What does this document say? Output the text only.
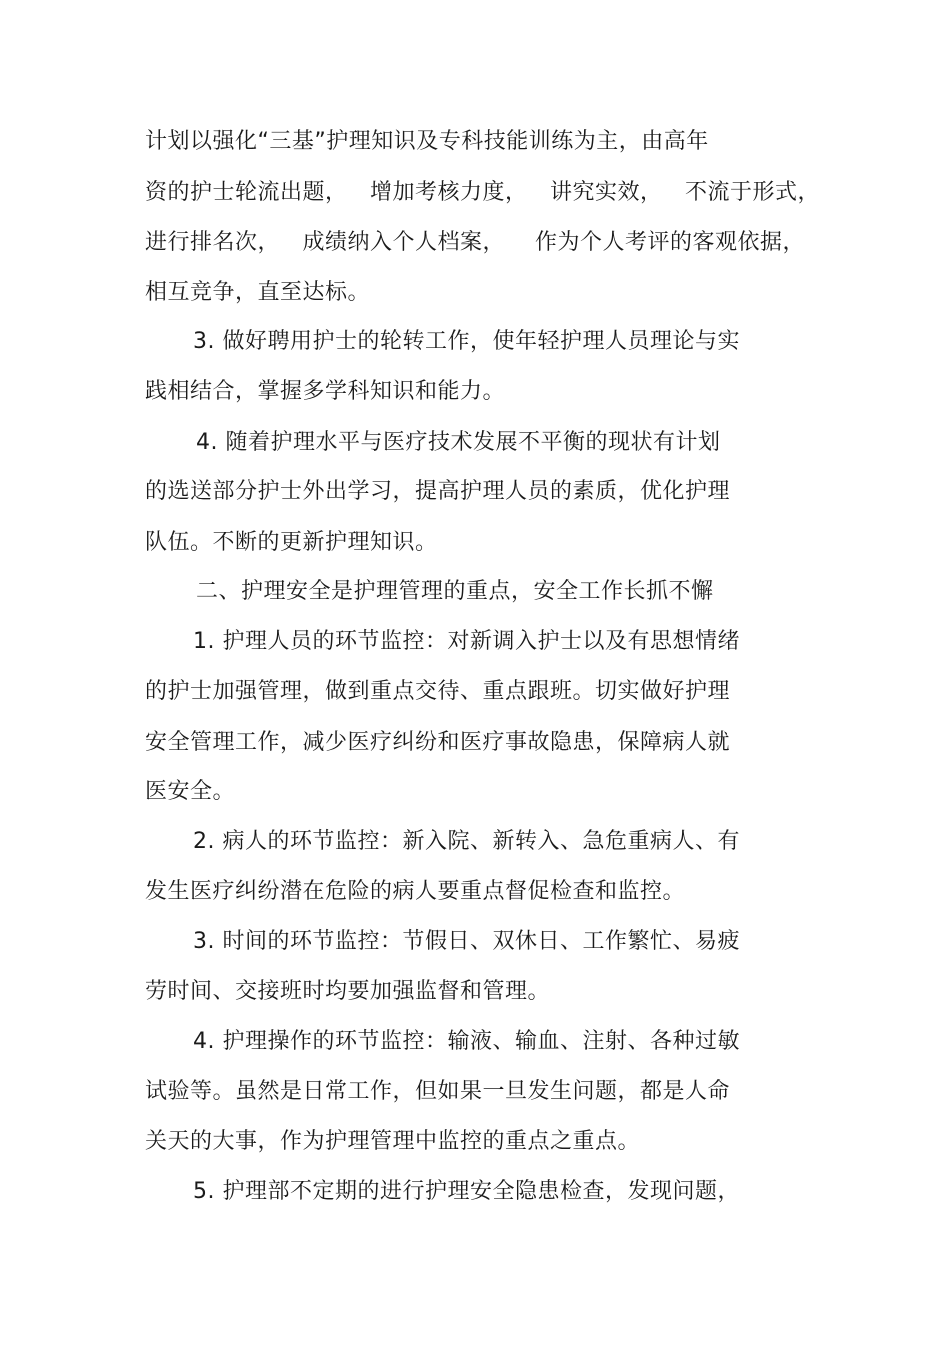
计划以强化“三基”护理知识及专科技能训练为主，由高年
资的护士轮流出题，   增加考核力度，   讲究实效，   不流于形式，
进行排名次，   成绩纳入个人档案，    作为个人考评的客观依据，
相互竞争，直至达标。
3. 做好聘用护士的轮转工作，使年轻护理人员理论与实
践相结合，掌握多学科知识和能力。
4. 随着护理水平与医疗技术发展不平衡的现状有计划
的选送部分护士外出学习，提高护理人员的素质，优化护理
队伍。不断的更新护理知识。
二、护理安全是护理管理的重点，安全工作长抓不懈
1. 护理人员的环节监控：对新调入护士以及有思想情绪
的护士加强管理，做到重点交待、重点跟班。切实做好护理
安全管理工作，减少医疗纠纷和医疗事故隐患，保障病人就
医安全。
2. 病人的环节监控：新入院、新转入、急危重病人、有
发生医疗纠纷潜在危险的病人要重点督促检查和监控。
3. 时间的环节监控：节假日、双休日、工作繁忙、易疲
劳时间、交接班时均要加强监督和管理。
4. 护理操作的环节监控：输液、输血、注射、各种过敏
试验等。虽然是日常工作，但如果一旦发生问题，都是人命
关天的大事，作为护理管理中监控的重点之重点。
5. 护理部不定期的进行护理安全隐患检查，发现问题，
